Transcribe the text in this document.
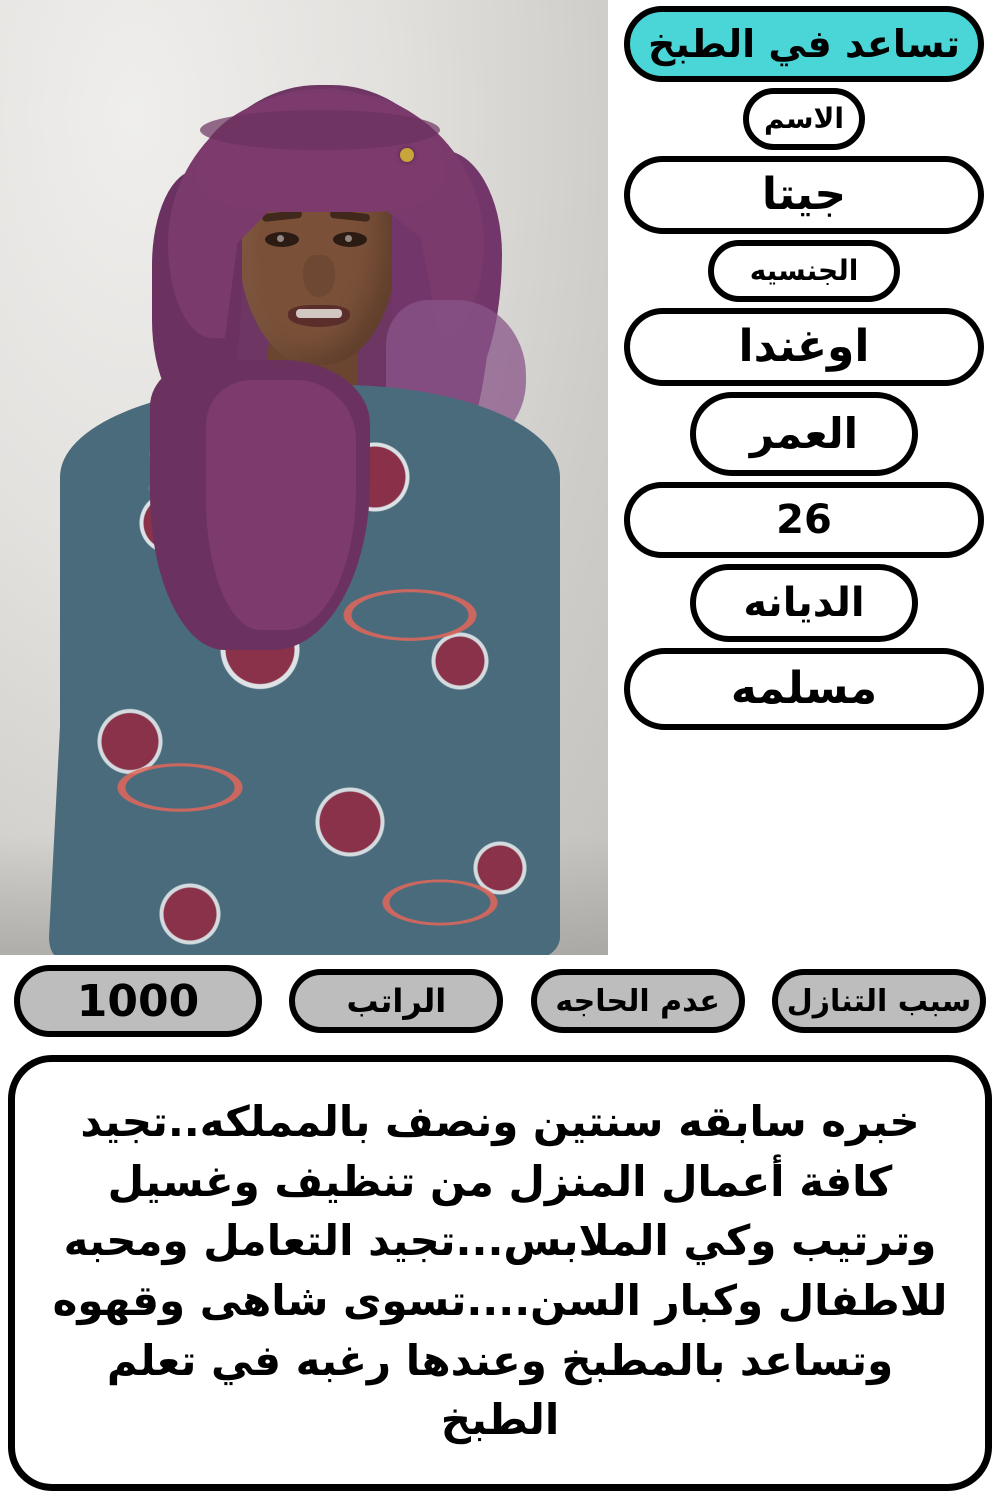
تساعد في الطبخ
الاسم
جيتا
الجنسيه
اوغندا
العمر
26
الديانه
مسلمه
سبب التنازل
عدم الحاجه
الراتب
1000
خبره سابقه سنتين ونصف بالمملكه..تجيد كافة أعمال المنزل من تنظيف وغسيل وترتيب وكي الملابس...تجيد التعامل ومحبه للاطفال وكبار السن....تسوى شاهى وقهوه وتساعد بالمطبخ وعندها رغبه في تعلم الطبخ
